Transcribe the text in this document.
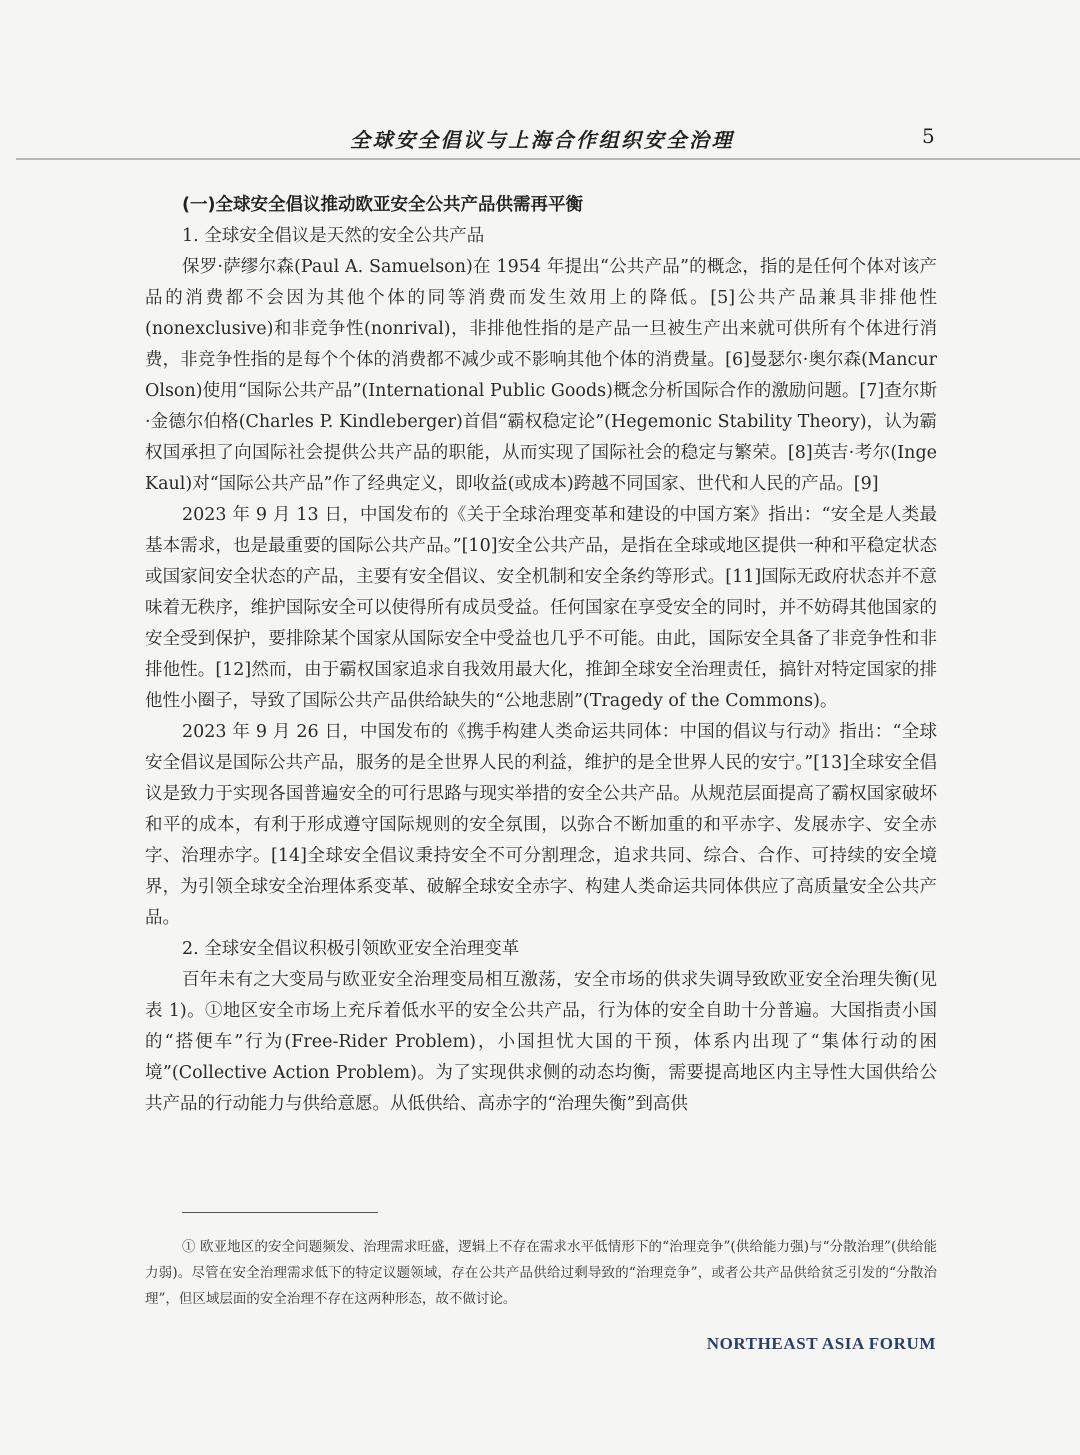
全球安全倡议与上海合作组织安全治理	5
(一)全球安全倡议推动欧亚安全公共产品供需再平衡
1. 全球安全倡议是天然的安全公共产品

保罗·萨缪尔森(Paul A. Samuelson)在 1954 年提出“公共产品”的概念，指的是任何个体对该产品的消费都不会因为其他个体的同等消费而发生效用上的降低。[5]公共产品兼具非排他性(nonexclusive)和非竞争性(nonrival)，非排他性指的是产品一旦被生产出来就可供所有个体进行消费，非竞争性指的是每个个体的消费都不减少或不影响其他个体的消费量。[6]曼瑟尔·奥尔森(Mancur Olson)使用“国际公共产品”(International Public Goods)概念分析国际合作的激励问题。[7]查尔斯·金德尔伯格(Charles P. Kindleberger)首倡“霸权稳定论”(Hegemonic Stability Theory)，认为霸权国承担了向国际社会提供公共产品的职能，从而实现了国际社会的稳定与繁荣。[8]英吉·考尔(Inge Kaul)对“国际公共产品”作了经典定义，即收益(或成本)跨越不同国家、世代和人民的产品。[9]

2023 年 9 月 13 日，中国发布的《关于全球治理变革和建设的中国方案》指出：“安全是人类最基本需求，也是最重要的国际公共产品。”[10]安全公共产品，是指在全球或地区提供一种和平稳定状态或国家间安全状态的产品，主要有安全倡议、安全机制和安全条约等形式。[11]国际无政府状态并不意味着无秩序，维护国际安全可以使得所有成员受益。任何国家在享受安全的同时，并不妨碍其他国家的安全受到保护，要排除某个国家从国际安全中受益也几乎不可能。由此，国际安全具备了非竞争性和非排他性。[12]然而，由于霸权国家追求自我效用最大化，推卸全球安全治理责任，搞针对特定国家的排他性小圈子，导致了国际公共产品供给缺失的“公地悲剧”(Tragedy of the Commons)。

2023 年 9 月 26 日，中国发布的《携手构建人类命运共同体：中国的倡议与行动》指出：“全球安全倡议是国际公共产品，服务的是全世界人民的利益，维护的是全世界人民的安宁。”[13]全球安全倡议是致力于实现各国普遍安全的可行思路与现实举措的安全公共产品。从规范层面提高了霸权国家破坏和平的成本，有利于形成遵守国际规则的安全氛围，以弥合不断加重的和平赤字、发展赤字、安全赤字、治理赤字。[14]全球安全倡议秉持安全不可分割理念，追求共同、综合、合作、可持续的安全境界，为引领全球安全治理体系变革、破解全球安全赤字、构建人类命运共同体供应了高质量安全公共产品。

2. 全球安全倡议积极引领欧亚安全治理变革

百年未有之大变局与欧亚安全治理变局相互激荡，安全市场的供求失调导致欧亚安全治理失衡(见表 1)。①地区安全市场上充斥着低水平的安全公共产品，行为体的安全自助十分普遍。大国指责小国的“搭便车”行为(Free-Rider Problem)，小国担忧大国的干预，体系内出现了“集体行动的困境”(Collective Action Problem)。为了实现供求侧的动态均衡，需要提高地区内主导性大国供给公共产品的行动能力与供给意愿。从低供给、高赤字的“治理失衡”到高供

① 欧亚地区的安全问题频发、治理需求旺盛，逻辑上不存在需求水平低情形下的“治理竞争”(供给能力强)与“分散治理”(供给能力弱)。尽管在安全治理需求低下的特定议题领域，存在公共产品供给过剩导致的“治理竞争”，或者公共产品供给贫乏引发的“分散治理”，但区域层面的安全治理不存在这两种形态，故不做讨论。
NORTHEAST ASIA FORUM
